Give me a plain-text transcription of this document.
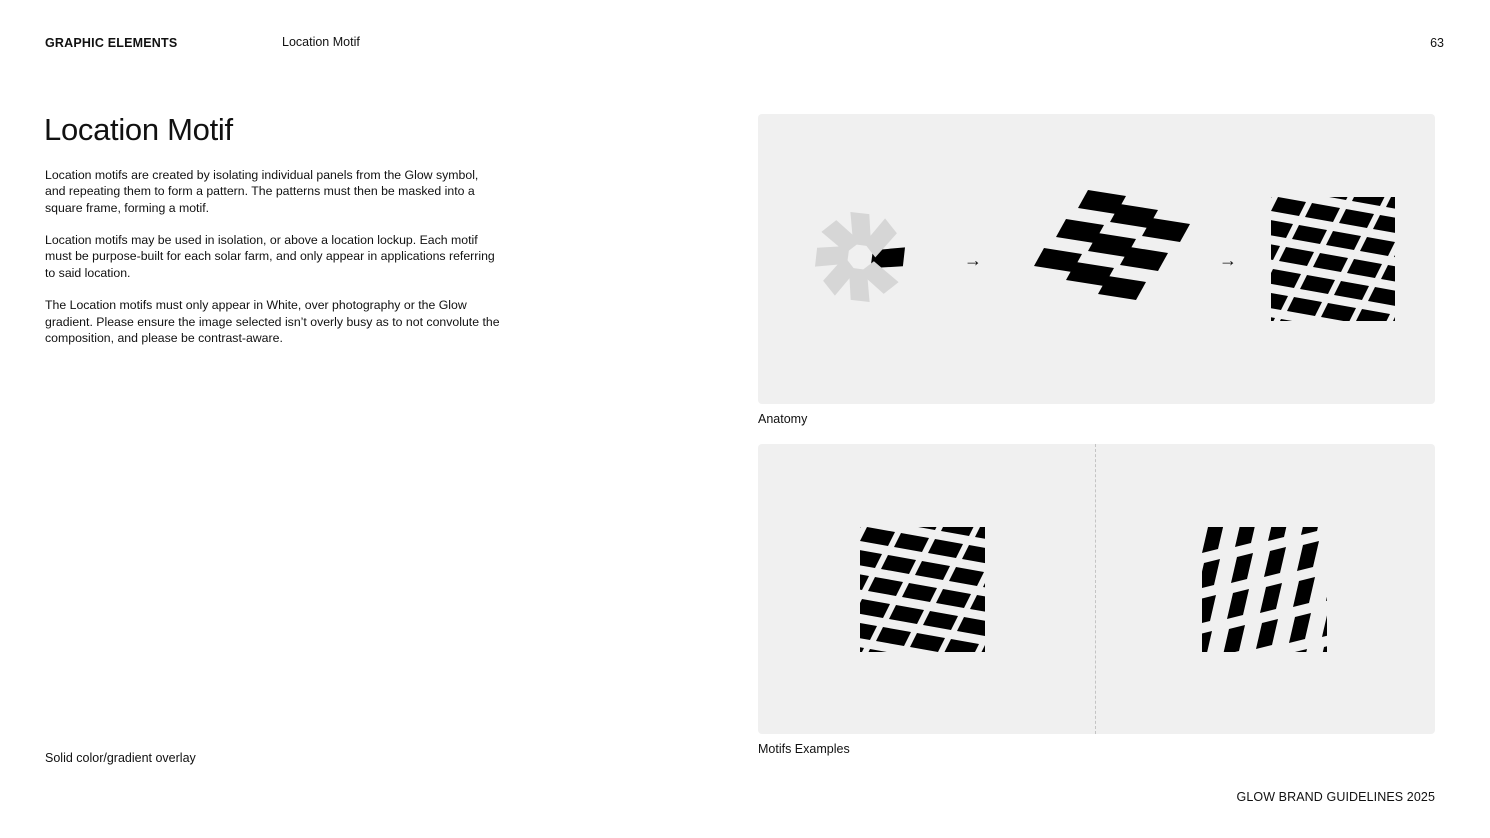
GRAPHIC ELEMENTS	Location Motif	63
Location Motif

Location motifs are created by isolating individual panels from the Glow symbol, and repeating them to form a pattern. The patterns must then be masked into a square frame, forming a motif.

Location motifs may be used in isolation, or above a location lockup. Each motif must be purpose-built for each solar farm, and only appear in applications referring to said location.

The Location motifs must only appear in White, over photography or the Glow gradient. Please ensure the image selected isn’t overly busy as to not convolute the composition, and please be contrast-aware.

Solid color/gradient overlay
→	→
Anatomy
Motifs Examples
GLOW BRAND GUIDELINES 2025
